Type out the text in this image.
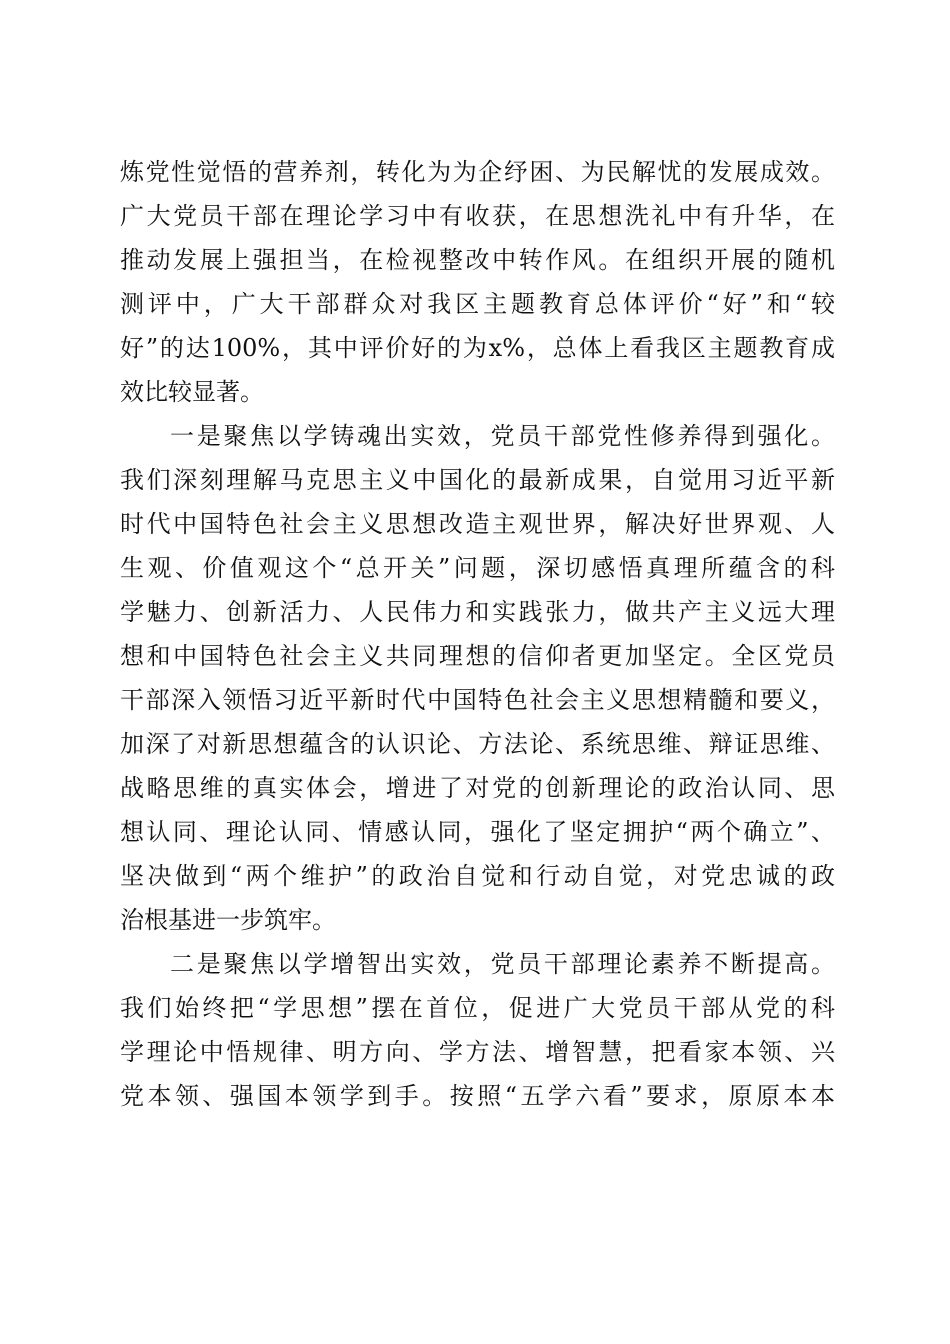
炼党性觉悟的营养剂，转化为为企纾困、为民解忧的发展成效。
广大党员干部在理论学习中有收获，在思想洗礼中有升华，在
推动发展上强担当，在检视整改中转作风。在组织开展的随机
测评中，广大干部群众对我区主题教育总体评价“好”和“较
好”的达100%，其中评价好的为x%，总体上看我区主题教育成
效比较显著。
一是聚焦以学铸魂出实效，党员干部党性修养得到强化。
我们深刻理解马克思主义中国化的最新成果，自觉用习近平新
时代中国特色社会主义思想改造主观世界，解决好世界观、人
生观、价值观这个“总开关”问题，深切感悟真理所蕴含的科
学魅力、创新活力、人民伟力和实践张力，做共产主义远大理
想和中国特色社会主义共同理想的信仰者更加坚定。全区党员
干部深入领悟习近平新时代中国特色社会主义思想精髓和要义，
加深了对新思想蕴含的认识论、方法论、系统思维、辩证思维、
战略思维的真实体会，增进了对党的创新理论的政治认同、思
想认同、理论认同、情感认同，强化了坚定拥护“两个确立”、
坚决做到“两个维护”的政治自觉和行动自觉，对党忠诚的政
治根基进一步筑牢。
二是聚焦以学增智出实效，党员干部理论素养不断提高。
我们始终把“学思想”摆在首位，促进广大党员干部从党的科
学理论中悟规律、明方向、学方法、增智慧，把看家本领、兴
党本领、强国本领学到手。按照“五学六看”要求，原原本本
